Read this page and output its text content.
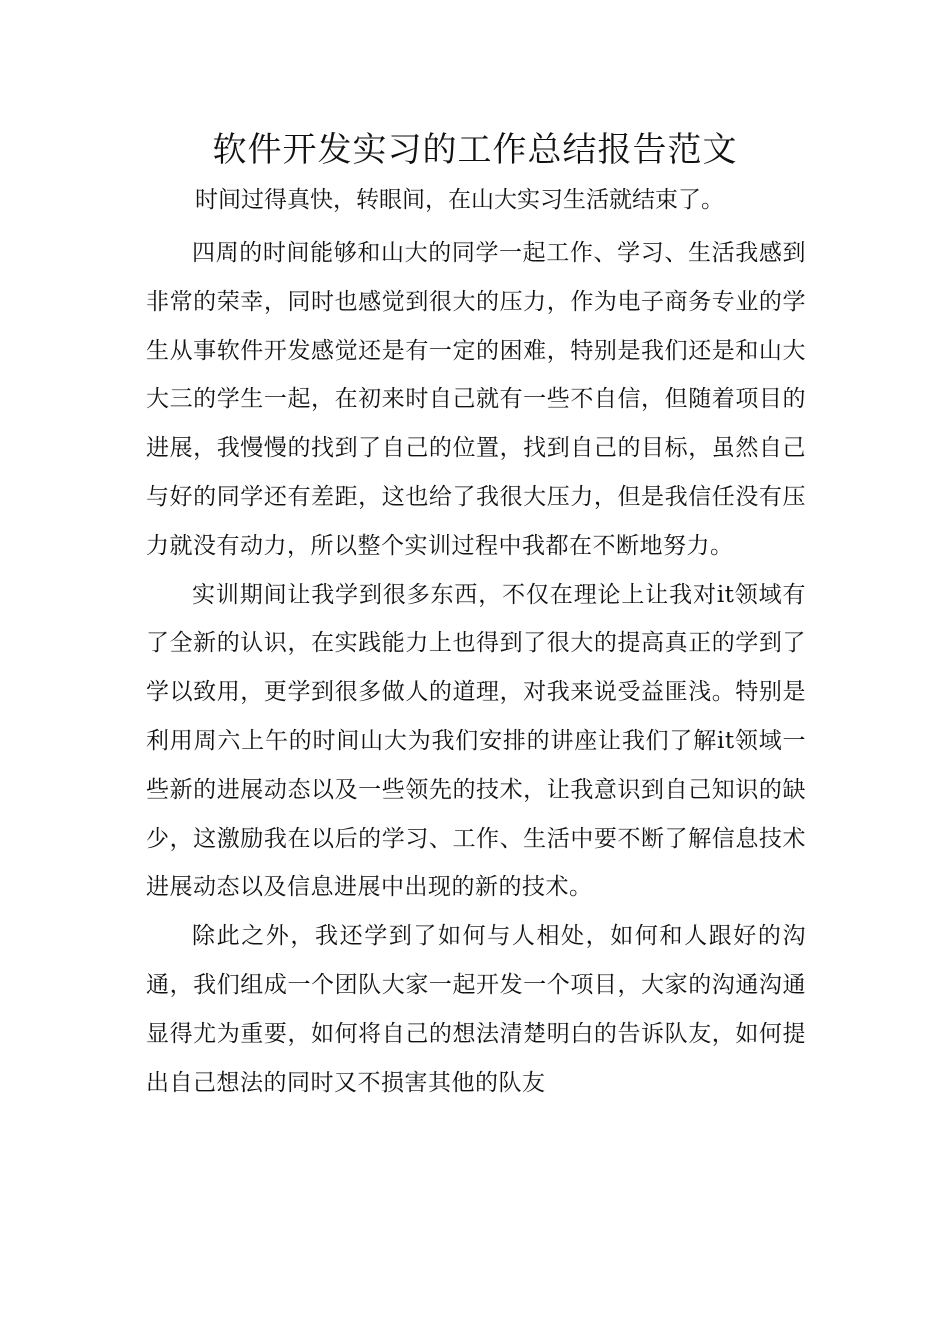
软件开发实习的工作总结报告范文

时间过得真快，转眼间，在山大实习生活就结束了。

四周的时间能够和山大的同学一起工作、学习、生活我感到非常的荣幸，同时也感觉到很大的压力，作为电子商务专业的学生从事软件开发感觉还是有一定的困难，特别是我们还是和山大大三的学生一起，在初来时自己就有一些不自信，但随着项目的进展，我慢慢的找到了自己的位置，找到自己的目标，虽然自己与好的同学还有差距，这也给了我很大压力，但是我信任没有压力就没有动力，所以整个实训过程中我都在不断地努力。

实训期间让我学到很多东西，不仅在理论上让我对it领域有了全新的认识，在实践能力上也得到了很大的提高真正的学到了学以致用，更学到很多做人的道理，对我来说受益匪浅。特别是利用周六上午的时间山大为我们安排的讲座让我们了解it领域一些新的进展动态以及一些领先的技术，让我意识到自己知识的缺少，这激励我在以后的学习、工作、生活中要不断了解信息技术进展动态以及信息进展中出现的新的技术。

除此之外，我还学到了如何与人相处，如何和人跟好的沟通，我们组成一个团队大家一起开发一个项目，大家的沟通沟通显得尤为重要，如何将自己的想法清楚明白的告诉队友，如何提出自己想法的同时又不损害其他的队友
